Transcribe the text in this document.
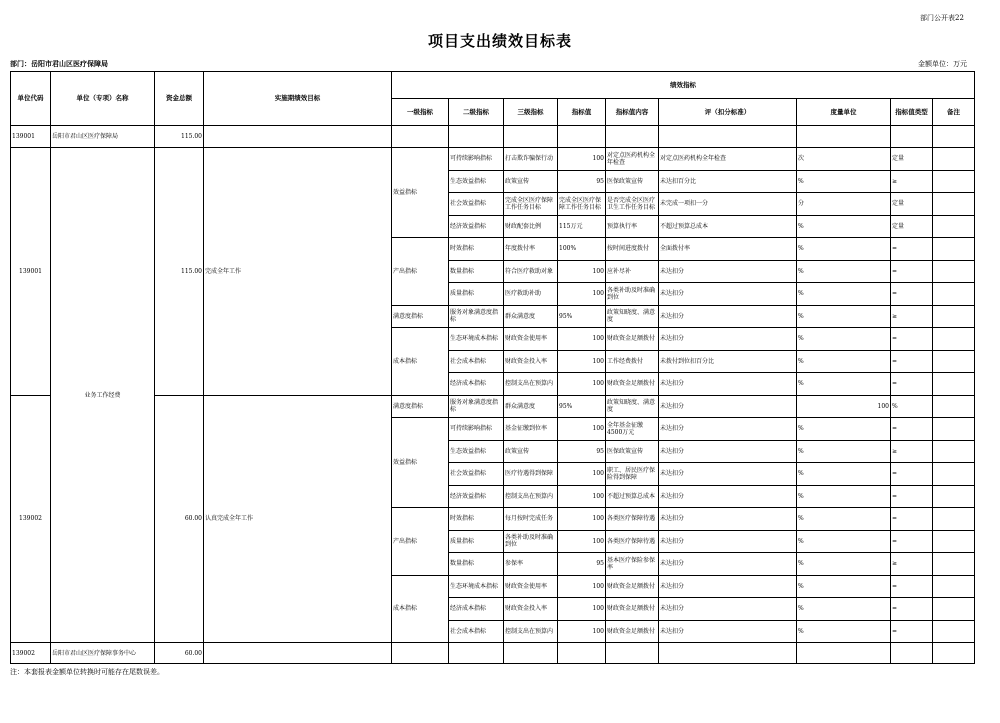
部门公开表22
项目支出绩效目标表
部门：岳阳市君山区医疗保障局	金额单位：万元
单位代码	单位（专项）名称	资金总额	实施期绩效目标	绩效指标								
				一级指标	二级指标	三级指标	指标值	指标值内容	评（扣分标准）	度量单位	指标值类型	备注
139001	岳阳市君山区医疗保障局	115.00										
139001	业务工作经费	115.00	完成全年工作	效益指标	可持续影响指标	打击欺诈骗保行动	100	对定点医药机构全年检查	对定点医药机构全年检查	次	定量	
					生态效益指标	政策宣传	95	医保政策宣传	未达扣百分比	%	≥	
					社会效益指标	完成全区医疗保障工作任务目标	完成全区医疗保障工作任务目标	是否完成全区医疗卫生工作任务目标	未完成一项扣一分	分	定量	
					经济效益指标	财政配套比例	115万元	预算执行率	不超过预算总成本	%	定量	
				产出指标	时效指标	年度拨付率	100%	按时间进度拨付	全面拨付率	%	=	
					数量指标	符合医疗救助对象	100	应补尽补	未达扣分	%	=	
					质量指标	医疗救助补助	100	各类补助及时准确到位	未达扣分	%	=	
				满意度指标	服务对象满意度指标	群众满意度	95%	政策知晓度、满意度	未达扣分	%	≥	
				成本指标	生态环境成本指标	财政资金使用率	100	财政资金足额拨付	未达扣分	%	=	
					社会成本指标	财政资金投入率	100	工作经费拨付	未拨付到位扣百分比	%	=	
					经济成本指标	控制支出在预算内	100	财政资金足额拨付	未达扣分	%	=	
139002		60.00	认真完成全年工作	满意度指标	服务对象满意度指标	群众满意度	95%	政策知晓度、满意度	未达扣分	100	%	
				效益指标	可持续影响指标	基金征缴到位率	100	全年基金征缴4500万元	未达扣分	%	=	
					生态效益指标	政策宣传	95	医保政策宣传	未达扣分	%	≥	
					社会效益指标	医疗待遇得到保障	100	职工、居民医疗保险得到保障	未达扣分	%	=	
					经济效益指标	控制支出在预算内	100	不超过预算总成本	未达扣分	%	=	
				产出指标	时效指标	每月按时完成任务	100	各类医疗保障待遇	未达扣分	%	=	
					质量指标	各类补助及时准确到位	100	各类医疗保障待遇	未达扣分	%	=	
					数量指标	参保率	95	基本医疗保险参保率	未达扣分	%	≥	
				成本指标	生态环境成本指标	财政资金使用率	100	财政资金足额拨付	未达扣分	%	=	
					经济成本指标	财政资金投入率	100	财政资金足额拨付	未达扣分	%	=	
					社会成本指标	控制支出在预算内	100	财政资金足额拨付	未达扣分	%	=	
139002	岳阳市君山区医疗保障事务中心	60.00										
注：本套报表金额单位转换时可能存在尾数误差。
